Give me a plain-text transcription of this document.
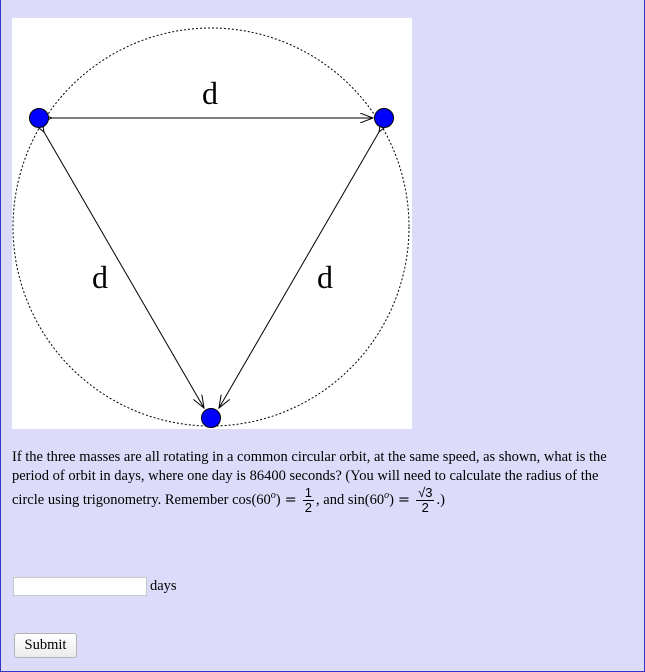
d
d	d
If the three masses are all rotating in a common circular orbit, at the same speed, as shown, what is the period of orbit in days, where one day is 86400 seconds? (You will need to calculate the radius of the circle using trigonometry. Remember $\cos(60^o) = \frac{1}{2}$ , and $\sin(60^o) = \frac{√3}{2}$ .)
days
Submit
